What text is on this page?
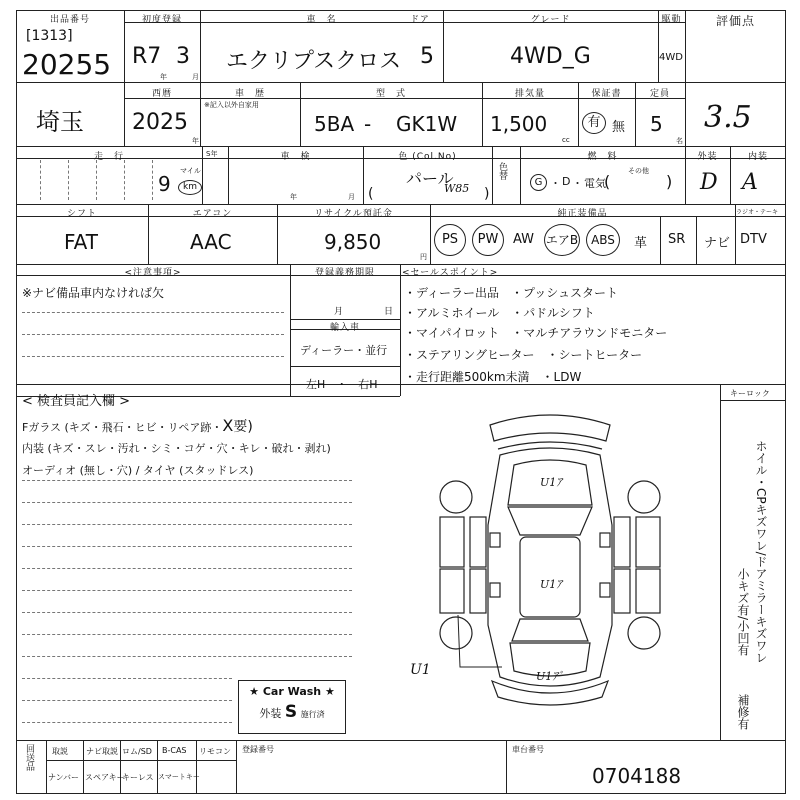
出品番号
[1313]
20255
初度登録
R7 3
年	月
車　名
エクリプスクロス
ドア
5
グレード
4WD_G
駆動
4WD
評価点
3.5
埼玉
西暦
2025
年
車　歴
※記入以外自家用
型　式
5BA - GK1W
排気量
1,500
cc
保証書
有 無
定員
5
名
走　行
9
マイル
km
S年	車　検
年	月
色 (Col.No)
パール
W85
(	)
色替
燃　料
G ・ D ・ 電気
(
その他
)
外装
D
内装
A
シフト
FAT
エアコン
AAC
リサイクル預託金
9,850
円
純正装備品	ラジオ・テーキ
PS	PW	AW エアB	ABS	革 SR ナビ DTV
<注意事項>
※ナビ備品車内なければ欠
登録義務期限
月	日
輸入車
ディーラー・並行
左H　・　右H
<セールスポイント>
・ディーラー出品　・プッシュスタート
・アルミホイール　・パドルシフト
・マイパイロット　・マルチアラウンドモニター
・ステアリングヒーター　・シートヒーター
・走行距離500km未満　・LDW
< 検査員記入欄 >
Fガラス (キズ・飛石・ヒビ・リペア跡・X要)
内装 (キズ・スレ・汚れ・シミ・コゲ・穴・キレ・破れ・剥れ)
オーディオ (無し・穴) / タイヤ (スタッドレス)
★ Car Wash ★
外装 S 施行済
キーロック
ホイル・CPキズワレ/ドアミラーキズワレ
小キズ有/小凹有
補修有
U1ｱ
U1ｱ
U1ｱﾞ
U1
回送品 取説 ナビ取説 ロム/SD B-CAS リモコン
ナンバー スペアキー
キーレス スマートキー
登録番号	車台番号
0704188
